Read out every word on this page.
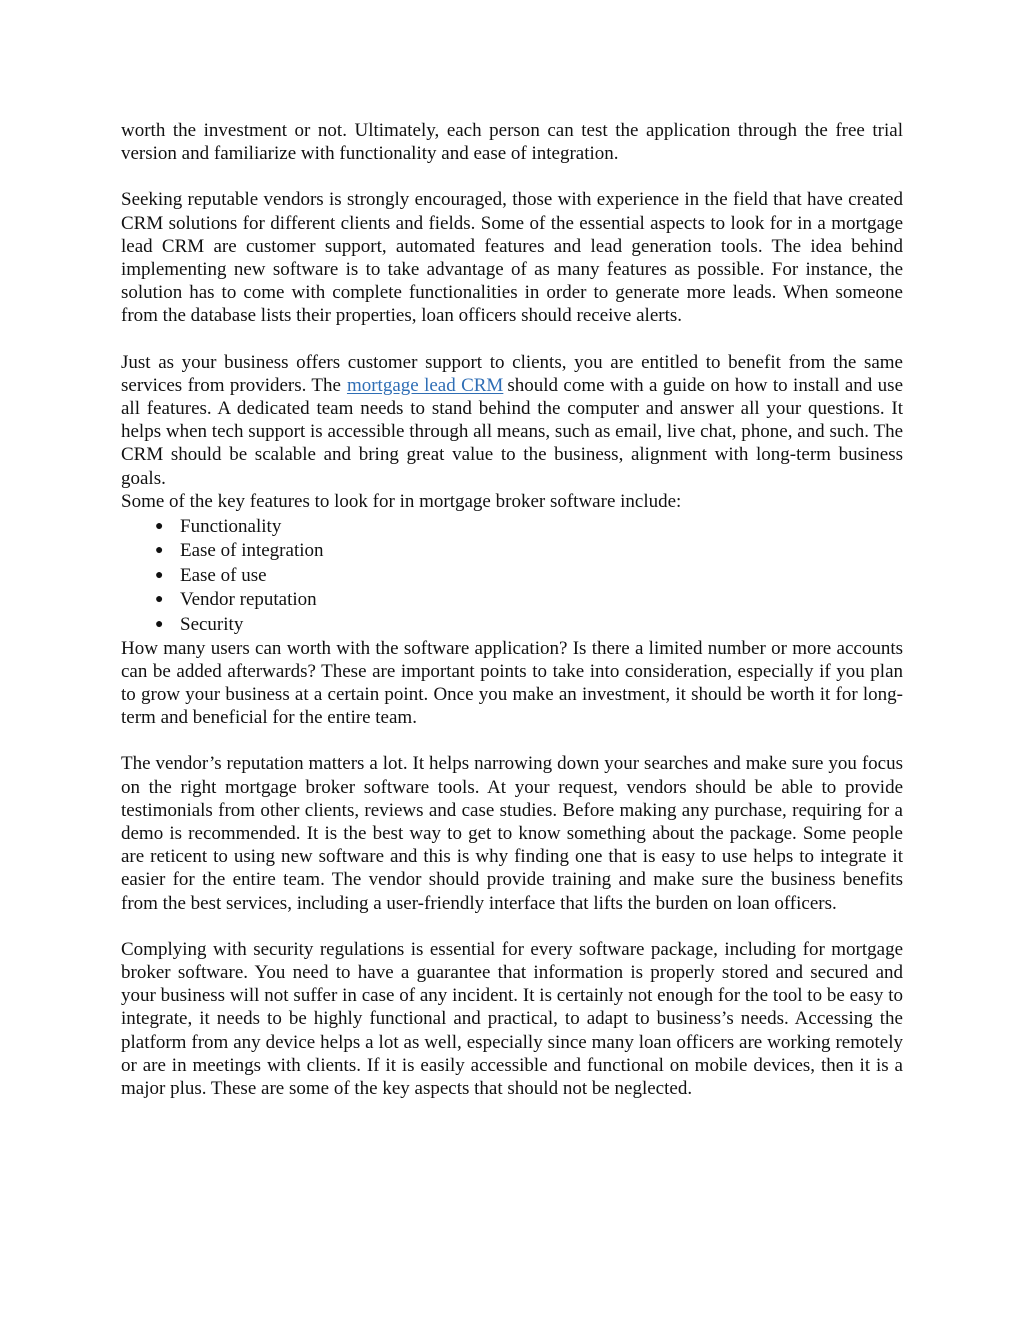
worth the investment or not. Ultimately, each person can test the application through the free trial version and familiarize with functionality and ease of integration.

Seeking reputable vendors is strongly encouraged, those with experience in the field that have created CRM solutions for different clients and fields. Some of the essential aspects to look for in a mortgage lead CRM are customer support, automated features and lead generation tools. The idea behind implementing new software is to take advantage of as many features as possible. For instance, the solution has to come with complete functionalities in order to generate more leads. When someone from the database lists their properties, loan officers should receive alerts.

Just as your business offers customer support to clients, you are entitled to benefit from the same services from providers. The mortgage lead CRM should come with a guide on how to install and use all features. A dedicated team needs to stand behind the computer and answer all your questions. It helps when tech support is accessible through all means, such as email, live chat, phone, and such. The CRM should be scalable and bring great value to the business, alignment with long-term business goals.

Some of the key features to look for in mortgage broker software include:

● Functionality
● Ease of integration
● Ease of use
● Vendor reputation
● Security

How many users can worth with the software application? Is there a limited number or more accounts can be added afterwards? These are important points to take into consideration, especially if you plan to grow your business at a certain point. Once you make an investment, it should be worth it for long-term and beneficial for the entire team.

The vendor’s reputation matters a lot. It helps narrowing down your searches and make sure you focus on the right mortgage broker software tools. At your request, vendors should be able to provide testimonials from other clients, reviews and case studies. Before making any purchase, requiring for a demo is recommended. It is the best way to get to know something about the package. Some people are reticent to using new software and this is why finding one that is easy to use helps to integrate it easier for the entire team. The vendor should provide training and make sure the business benefits from the best services, including a user-friendly interface that lifts the burden on loan officers.

Complying with security regulations is essential for every software package, including for mortgage broker software. You need to have a guarantee that information is properly stored and secured and your business will not suffer in case of any incident. It is certainly not enough for the tool to be easy to integrate, it needs to be highly functional and practical, to adapt to business’s needs. Accessing the platform from any device helps a lot as well, especially since many loan officers are working remotely or are in meetings with clients. If it is easily accessible and functional on mobile devices, then it is a major plus. These are some of the key aspects that should not be neglected.
